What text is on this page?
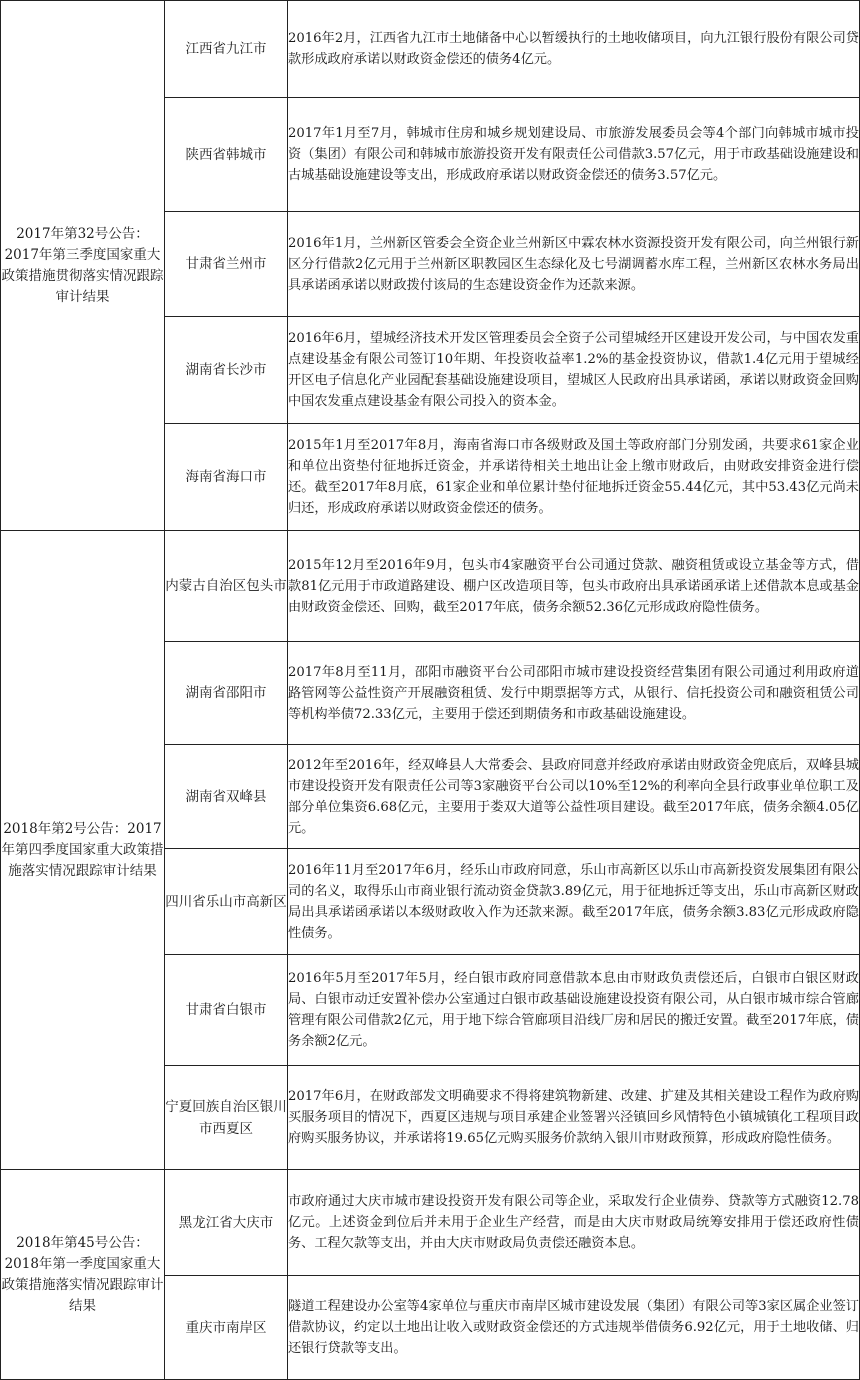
2017年第32号公告：2017年第三季度国家重大政策措施贯彻落实情况跟踪审计结果	江西省九江市	2016年2月，江西省九江市土地储备中心以暂缓执行的土地收储项目，向九江银行股份有限公司贷款形成政府承诺以财政资金偿还的债务4亿元。

	陕西省韩城市	2017年1月至7月，韩城市住房和城乡规划建设局、市旅游发展委员会等4个部门向韩城市城市投资（集团）有限公司和韩城市旅游投资开发有限责任公司借款3.57亿元，用于市政基础设施建设和古城基础设施建设等支出，形成政府承诺以财政资金偿还的债务3.57亿元。

	甘肃省兰州市	2016年1月，兰州新区管委会全资企业兰州新区中霖农林水资源投资开发有限公司，向兰州银行新区分行借款2亿元用于兰州新区职教园区生态绿化及七号湖调蓄水库工程，兰州新区农林水务局出具承诺函承诺以财政拨付该局的生态建设资金作为还款来源。

	湖南省长沙市	2016年6月，望城经济技术开发区管理委员会全资子公司望城经开区建设开发公司，与中国农发重点建设基金有限公司签订10年期、年投资收益率1.2%的基金投资协议，借款1.4亿元用于望城经开区电子信息化产业园配套基础设施建设项目，望城区人民政府出具承诺函，承诺以财政资金回购中国农发重点建设基金有限公司投入的资本金。

	海南省海口市	2015年1月至2017年8月，海南省海口市各级财政及国土等政府部门分别发函，共要求61家企业和单位出资垫付征地拆迁资金，并承诺待相关土地出让金上缴市财政后，由财政安排资金进行偿还。截至2017年8月底，61家企业和单位累计垫付征地拆迁资金55.44亿元，其中53.43亿元尚未归还，形成政府承诺以财政资金偿还的债务。

2018年第2号公告：2017年第四季度国家重大政策措施落实情况跟踪审计结果	内蒙古自治区包头市	2015年12月至2016年9月，包头市4家融资平台公司通过贷款、融资租赁或设立基金等方式，借款81亿元用于市政道路建设、棚户区改造项目等，包头市政府出具承诺函承诺上述借款本息或基金由财政资金偿还、回购，截至2017年底，债务余额52.36亿元形成政府隐性债务。

	湖南省邵阳市	2017年8月至11月，邵阳市融资平台公司邵阳市城市建设投资经营集团有限公司通过利用政府道路管网等公益性资产开展融资租赁、发行中期票据等方式，从银行、信托投资公司和融资租赁公司等机构举债72.33亿元，主要用于偿还到期债务和市政基础设施建设。

	湖南省双峰县	2012年至2016年，经双峰县人大常委会、县政府同意并经政府承诺由财政资金兜底后，双峰县城市建设投资开发有限责任公司等3家融资平台公司以10%至12%的利率向全县行政事业单位职工及部分单位集资6.68亿元，主要用于娄双大道等公益性项目建设。截至2017年底，债务余额4.05亿元。

	四川省乐山市高新区	2016年11月至2017年6月，经乐山市政府同意，乐山市高新区以乐山市高新投资发展集团有限公司的名义，取得乐山市商业银行流动资金贷款3.89亿元，用于征地拆迁等支出，乐山市高新区财政局出具承诺函承诺以本级财政收入作为还款来源。截至2017年底，债务余额3.83亿元形成政府隐性债务。

	甘肃省白银市	2016年5月至2017年5月，经白银市政府同意借款本息由市财政负责偿还后，白银市白银区财政局、白银市动迁安置补偿办公室通过白银市政基础设施建设投资有限公司，从白银市城市综合管廊管理有限公司借款2亿元，用于地下综合管廊项目沿线厂房和居民的搬迁安置。截至2017年底，债务余额2亿元。

	宁夏回族自治区银川市西夏区	2017年6月，在财政部发文明确要求不得将建筑物新建、改建、扩建及其相关建设工程作为政府购买服务项目的情况下，西夏区违规与项目承建企业签署兴泾镇回乡风情特色小镇城镇化工程项目政府购买服务协议，并承诺将19.65亿元购买服务价款纳入银川市财政预算，形成政府隐性债务。

2018年第45号公告：2018年第一季度国家重大政策措施落实情况跟踪审计结果	黑龙江省大庆市	市政府通过大庆市城市建设投资开发有限公司等企业，采取发行企业债券、贷款等方式融资12.78亿元。上述资金到位后并未用于企业生产经营，而是由大庆市财政局统筹安排用于偿还政府性债务、工程欠款等支出，并由大庆市财政局负责偿还融资本息。

	重庆市南岸区	隧道工程建设办公室等4家单位与重庆市南岸区城市建设发展（集团）有限公司等3家区属企业签订借款协议，约定以土地出让收入或财政资金偿还的方式违规举借债务6.92亿元，用于土地收储、归还银行贷款等支出。
